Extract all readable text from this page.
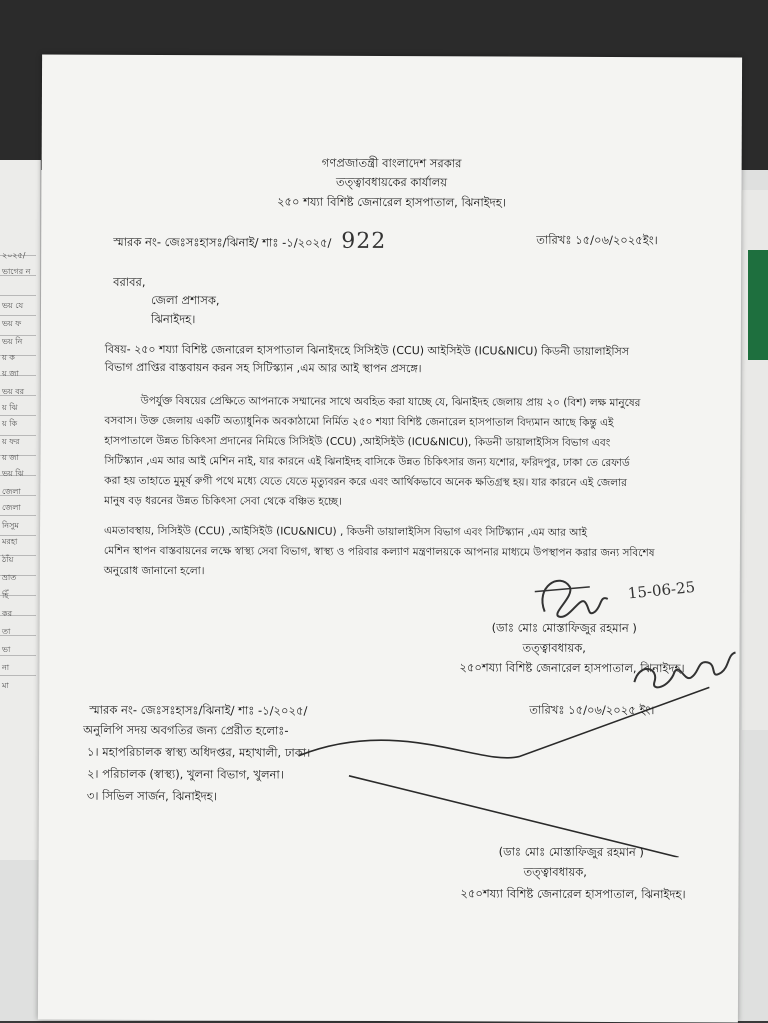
২০২৫/
ভাগের ন
ভয় যে
ভয় ফ
ভয় নি
য় ক
য় জা
ভয় বর
য় ঝি
য় কি
য় ফর
য় জা
ভয় ঝি
জেলা
জেলা
নিসুম
মরহা
ঠাঁয়
ভ্রাত
হিঁ
কর
তা
ভা
না
মা
গণপ্রজাতন্ত্রী বাংলাদেশ সরকার
তত্ত্বাবধায়কের কার্যালয়
২৫০ শয্যা বিশিষ্ট জেনারেল হাসপাতাল, ঝিনাইদহ।
স্মারক নং- জেঃসঃহাসঃ/ঝিনাই/ শাঃ -১/২০২৫/ 922	তারিখঃ ১৫/০৬/২০২৫ইং।
বরাবর,
জেলা প্রশাসক,
ঝিনাইদহ।
বিষয়- ২৫০ শয্যা বিশিষ্ট জেনারেল হাসপাতাল ঝিনাইদহে সিসিইউ (CCU) আইসিইউ (ICU&NICU) কিডনী ডায়ালাইসিস
বিভাগ প্রাপ্তির বাস্তবায়ন করন সহ সিটিস্ক্যান ,এম আর আই স্থাপন প্রসঙ্গে।
উপর্যুক্ত বিষয়ের প্রেক্ষিতে আপনাকে সম্মানের সাথে অবহিত করা যাচ্ছে যে, ঝিনাইদহ জেলায় প্রায় ২০ (বিশ) লক্ষ মানুষের
বসবাস। উক্ত জেলায় একটি অত্যাধুনিক অবকাঠামো নির্মিত ২৫০ শয্যা বিশিষ্ট জেনারেল হাসপাতাল বিদ্যমান আছে কিন্তু এই
হাসপাতালে উন্নত চিকিৎসা প্রদানের নিমিত্তে সিসিইউ (CCU) ,আইসিইউ (ICU&NICU), কিডনী ডায়ালাইসিস বিভাগ এবং
সিটিস্ক্যান ,এম আর আই মেশিন নাই, যার কারনে এই ঝিনাইদহ বাসিকে উন্নত চিকিৎসার জন্য যশোর, ফরিদপুর, ঢাকা তে রেফার্ড
করা হয় তাহাতে মুমূর্ষ রুগী পথে মধ্যে যেতে যেতে মৃত্যুবরন করে এবং আর্থিকভাবে অনেক ক্ষতিগ্রস্থ হয়। যার কারনে এই জেলার
মানুষ বড় ধরনের উন্নত চিকিৎসা সেবা থেকে বঞ্চিত হচ্ছে।
এমতাবস্থায়, সিসিইউ (CCU) ,আইসিইউ (ICU&NICU) , কিডনী ডায়ালাইসিস বিভাগ এবং সিটিস্ক্যান ,এম আর আই
মেশিন স্থাপন বাস্তবায়নের লক্ষে স্বাস্থ্য সেবা বিভাগ, স্বাস্থ্য ও পরিবার কল্যাণ মন্ত্রণালয়কে আপনার মাধ্যমে উপস্থাপন করার জন্য সবিশেষ
অনুরোধ জানানো হলো।
15-06-25
(ডাঃ মোঃ মোস্তাফিজুর রহমান )
তত্ত্বাবধায়ক,
২৫০শয্যা বিশিষ্ট জেনারেল হাসপাতাল, ঝিনাইদহ।
স্মারক নং- জেঃসঃহাসঃ/ঝিনাই/ শাঃ -১/২০২৫/	তারিখঃ ১৫/০৬/২০২৫ ইং।
অনুলিপি সদয় অবগতির জন্য প্রেরীত হলোঃ-
১। মহাপরিচালক স্বাস্থ্য অধিদপ্তর, মহাখালী, ঢাকা।
২। পরিচালক (স্বাস্থ্য), খুলনা বিভাগ, খুলনা।
৩। সিভিল সার্জন, ঝিনাইদহ।
(ডাঃ মোঃ মোস্তাফিজুর রহমান )
তত্ত্বাবধায়ক,
২৫০শয্যা বিশিষ্ট জেনারেল হাসপাতাল, ঝিনাইদহ।
